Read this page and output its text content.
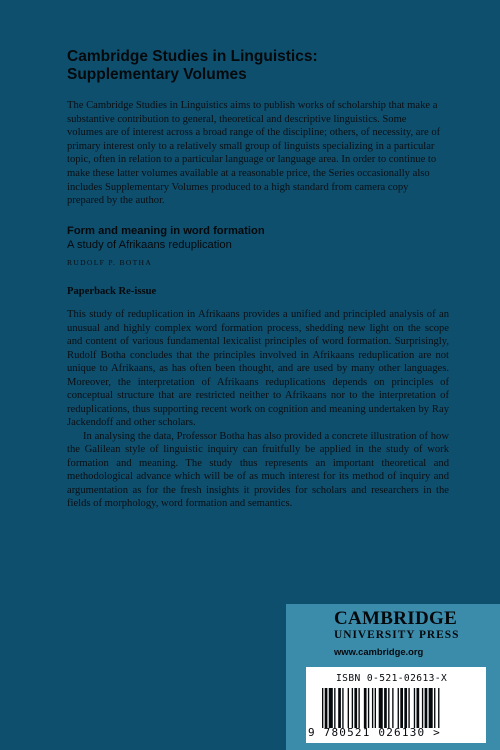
Cambridge Studies in Linguistics:
Supplementary Volumes

The Cambridge Studies in Linguistics aims to publish works of scholarship that make a substantive contribution to general, theoretical and descriptive linguistics. Some volumes are of interest across a broad range of the discipline; others, of necessity, are of primary interest only to a relatively small group of linguists specializing in a particular topic, often in relation to a particular language or language area. In order to continue to make these latter volumes available at a reasonable price, the Series occasionally also includes Supplementary Volumes produced to a high standard from camera copy prepared by the author.

Form and meaning in word formation

A study of Afrikaans reduplication

RUDOLF P. BOTHA

Paperback Re-issue

This study of reduplication in Afrikaans provides a unified and principled analysis of an unusual and highly complex word formation process, shedding new light on the scope and content of various fundamental lexicalist principles of word formation. Surprisingly, Rudolf Botha concludes that the principles involved in Afrikaans reduplication are not unique to Afrikaans, as has often been thought, and are used by many other languages. Moreover, the interpretation of Afrikaans reduplications depends on principles of conceptual structure that are restricted neither to Afrikaans nor to the interpretation of reduplications, thus supporting recent work on cognition and meaning undertaken by Ray Jackendoff and other scholars.

In analysing the data, Professor Botha has also provided a concrete illustration of how the Galilean style of linguistic inquiry can fruitfully be applied in the study of work formation and meaning. The study thus represents an important theoretical and methodological advance which will be of as much interest for its method of inquiry and argumentation as for the fresh insights it provides for scholars and researchers in the fields of morphology, word formation and semantics.

CAMBRIDGE

UNIVERSITY PRESS

www.cambridge.org

ISBN 0-521-02613-X

9 780521 026130 >
